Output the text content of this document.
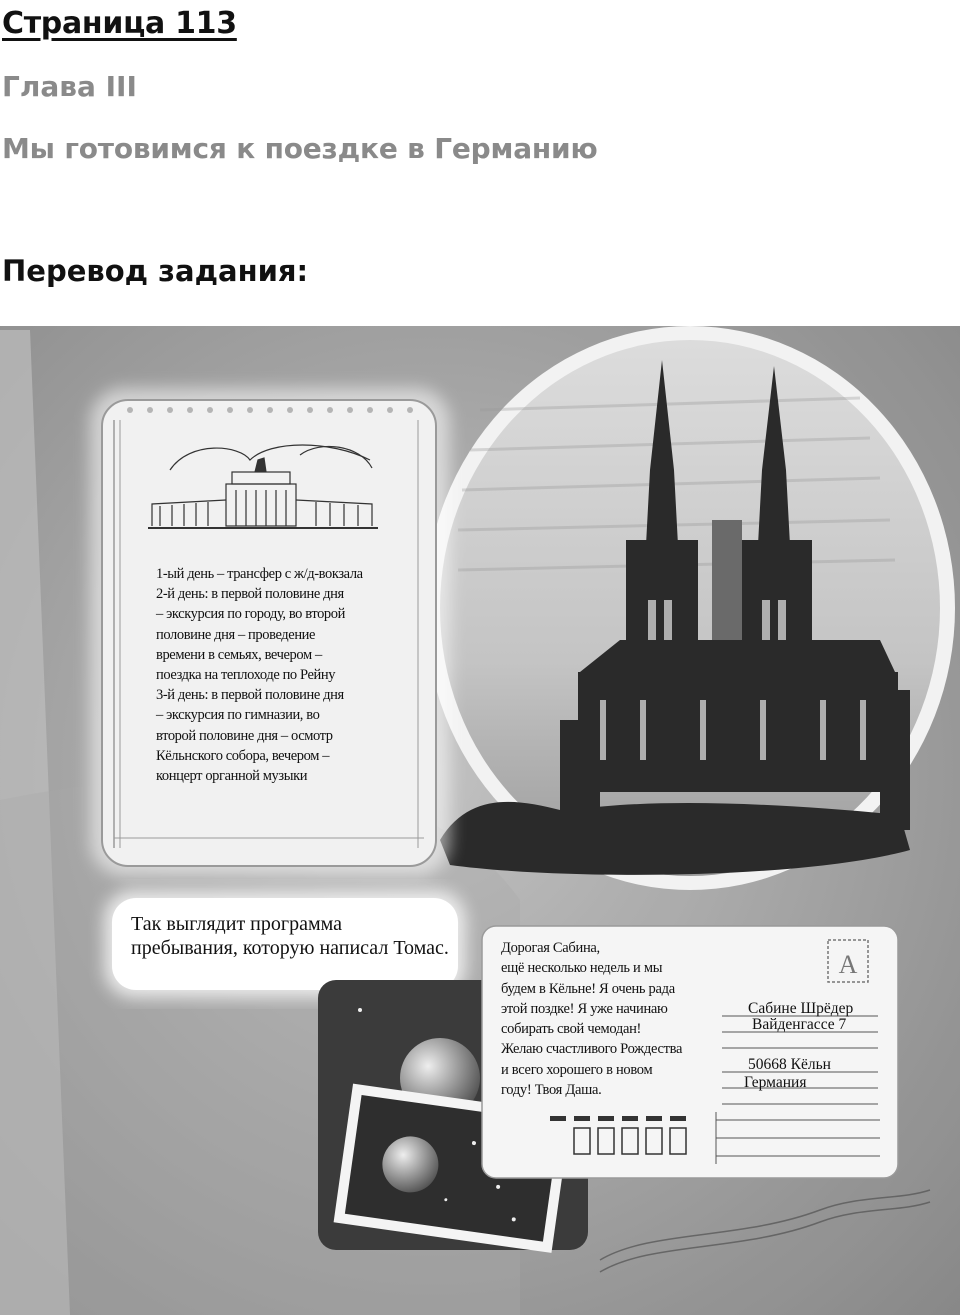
Страница 113
Глава III
Мы готовимся к поездке в Германию
Перевод задания:
1-ый день – трансфер с ж/д-вокзала
2-й день: в первой половине дня
– экскурсия по городу, во второй
половине дня – проведение
времени в семьях, вечером –
поездка на теплоходе по Рейну
3-й день: в первой половине дня
– экскурсия по гимназии, во
второй половине дня – осмотр
Кёльнского собора, вечером –
концерт органной музыки

Так выглядит программа пребывания, которую написал Томас.	Дорогая Сабина,
ещё несколько недель и мы
будем в Кёльне! Я очень рада
этой поздке! Я уже начинаю
собирать свой чемодан!
Желаю счастливого Рождества
и всего хорошего в новом
году! Твоя Даша.
A
Сабине Шрёдер
Вайденгассе 7
50668 Кёльн
Германия
